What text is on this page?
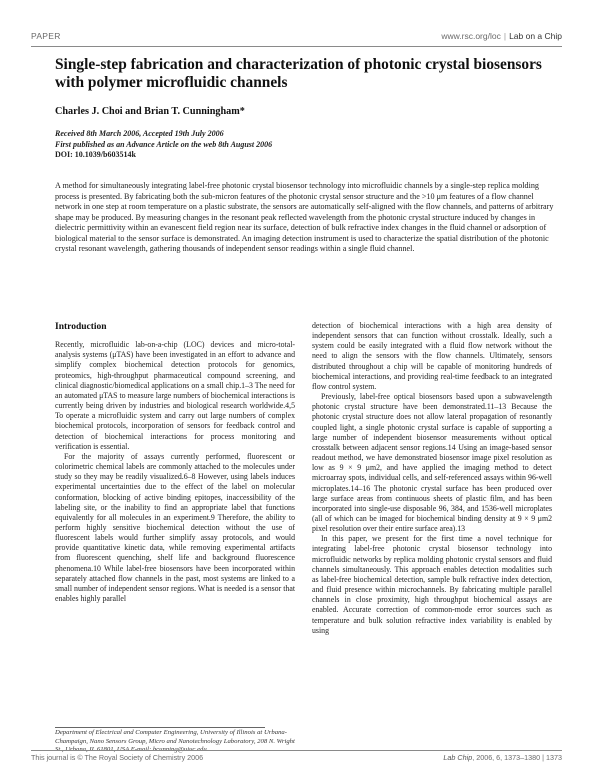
PAPER	www.rsc.org/loc | Lab on a Chip
Single-step fabrication and characterization of photonic crystal biosensors with polymer microfluidic channels
Charles J. Choi and Brian T. Cunningham*
Received 8th March 2006, Accepted 19th July 2006
First published as an Advance Article on the web 8th August 2006
DOI: 10.1039/b603514k

A method for simultaneously integrating label-free photonic crystal biosensor technology into microfluidic channels by a single-step replica molding process is presented. By fabricating both the sub-micron features of the photonic crystal sensor structure and the >10 μm features of a flow channel network in one step at room temperature on a plastic substrate, the sensors are automatically self-aligned with the flow channels, and patterns of arbitrary shape may be produced. By measuring changes in the resonant peak reflected wavelength from the photonic crystal structure induced by changes in dielectric permittivity within an evanescent field region near its surface, detection of bulk refractive index changes in the fluid channel or adsorption of biological material to the sensor surface is demonstrated. An imaging detection instrument is used to characterize the spatial distribution of the photonic crystal resonant wavelength, gathering thousands of independent sensor readings within a single fluid channel.

Introduction

Recently, microfluidic lab-on-a-chip (LOC) devices and micro-total-analysis systems (μTAS) have been investigated in an effort to advance and simplify complex biochemical detection protocols for genomics, proteomics, high-throughput pharmaceutical compound screening, and clinical diagnostic/biomedical applications on a small chip.1–3 The need for an automated μTAS to measure large numbers of biochemical interactions is currently being driven by industries and biological research worldwide.4,5 To operate a microfluidic system and carry out large numbers of complex biochemical protocols, incorporation of sensors for feedback control and detection of biochemical interactions for process monitoring and verification is essential.

For the majority of assays currently performed, fluorescent or colorimetric chemical labels are commonly attached to the molecules under study so they may be readily visualized.6–8 However, using labels induces experimental uncertainties due to the effect of the label on molecular conformation, blocking of active binding epitopes, inaccessibility of the labeling site, or the inability to find an appropriate label that functions equivalently for all molecules in an experiment.9 Therefore, the ability to perform highly sensitive biochemical detection without the use of fluorescent labels would further simplify assay protocols, and would provide quantitative kinetic data, while removing experimental artifacts from fluorescent quenching, shelf life and background fluorescence phenomena.10 While label-free biosensors have been incorporated within separately attached flow channels in the past, most systems are linked to a small number of independent sensor regions. What is needed is a sensor that enables highly parallel

detection of biochemical interactions with a high area density of independent sensors that can function without crosstalk. Ideally, such a system could be easily integrated with a fluid flow network without the need to align the sensors with the flow channels. Ultimately, sensors distributed throughout a chip will be capable of monitoring hundreds of biochemical interactions, and providing real-time feedback to an integrated flow control system.

Previously, label-free optical biosensors based upon a subwavelength photonic crystal structure have been demonstrated.11–13 Because the photonic crystal structure does not allow lateral propagation of resonantly coupled light, a single photonic crystal surface is capable of supporting a large number of independent biosensor measurements without optical crosstalk between adjacent sensor regions.14 Using an image-based sensor readout method, we have demonstrated biosensor image pixel resolution as low as 9 × 9 μm2, and have applied the imaging method to detect microarray spots, individual cells, and self-referenced assays within 96-well microplates.14–16 The photonic crystal surface has been produced over large surface areas from continuous sheets of plastic film, and has been incorporated into single-use disposable 96, 384, and 1536-well microplates (all of which can be imaged for biochemical binding density at 9 × 9 μm2 pixel resolution over their entire surface area).13

In this paper, we present for the first time a novel technique for integrating label-free photonic crystal biosensor technology into microfluidic networks by replica molding photonic crystal sensors and fluid channels simultaneously. This approach enables detection modalities such as label-free biochemical detection, sample bulk refractive index detection, and fluid presence within microchannels. By fabricating multiple parallel channels in close proximity, high throughput biochemical assays are enabled. Accurate correction of common-mode error sources such as temperature and bulk solution refractive index variability is enabled by using

Department of Electrical and Computer Engineering, University of Illinois at Urbana-Champaign, Nano Sensors Group, Micro and Nanotechnology Laboratory, 208 N. Wright St., Urbana, IL 61801, USA E-mail: bcunning@uiuc.edu
This journal is © The Royal Society of Chemistry 2006	Lab Chip, 2006, 6, 1373–1380 | 1373
